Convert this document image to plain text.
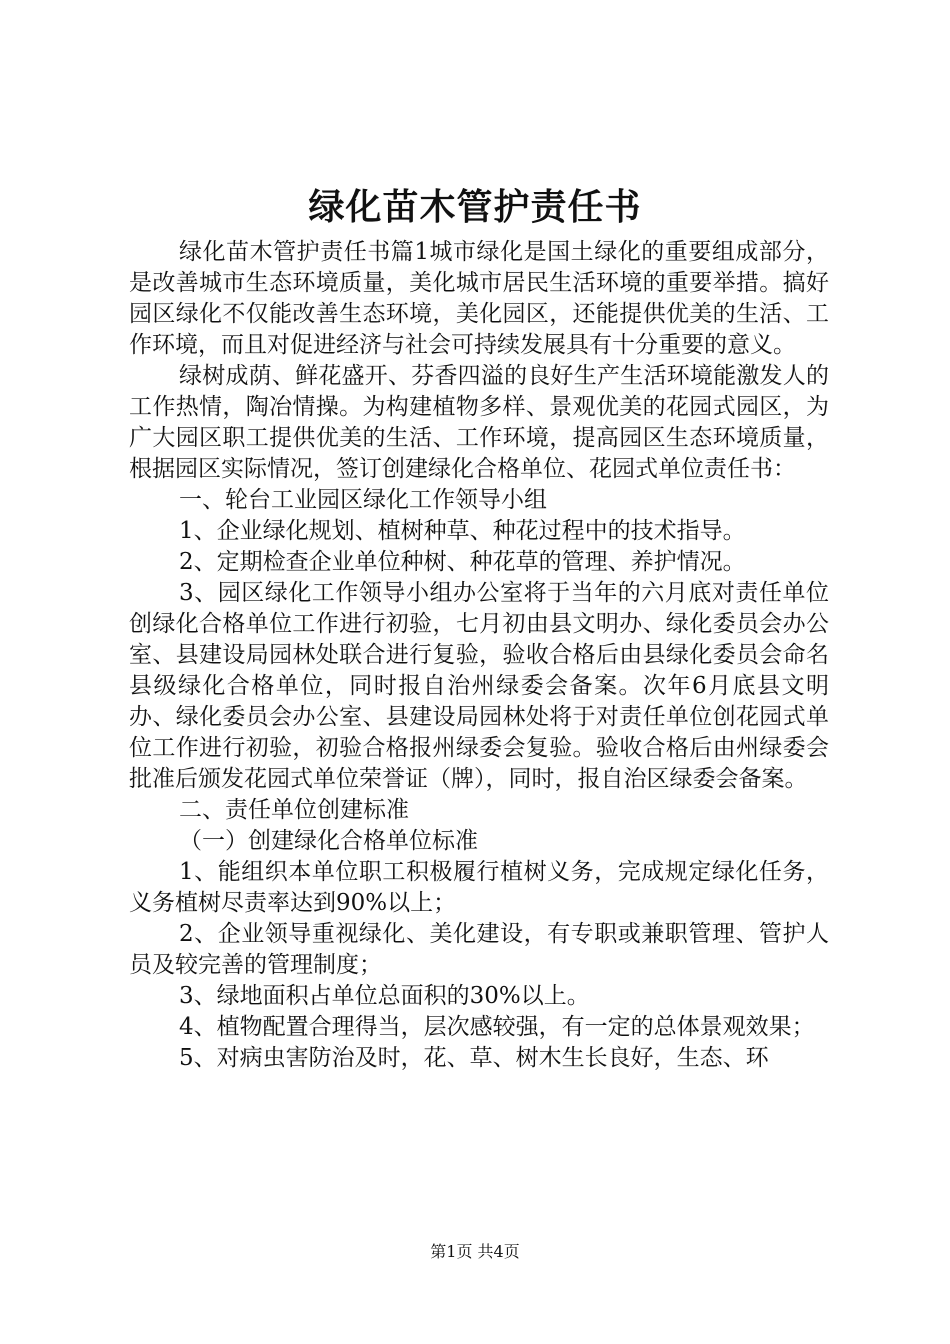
绿化苗木管护责任书

绿化苗木管护责任书篇1城市绿化是国土绿化的重要组成部分，是改善城市生态环境质量，美化城市居民生活环境的重要举措。搞好园区绿化不仅能改善生态环境，美化园区，还能提供优美的生活、工作环境，而且对促进经济与社会可持续发展具有十分重要的意义。

绿树成荫、鲜花盛开、芬香四溢的良好生产生活环境能激发人的工作热情，陶冶情操。为构建植物多样、景观优美的花园式园区，为广大园区职工提供优美的生活、工作环境，提高园区生态环境质量，根据园区实际情况，签订创建绿化合格单位、花园式单位责任书：

一、轮台工业园区绿化工作领导小组

1、企业绿化规划、植树种草、种花过程中的技术指导。

2、定期检查企业单位种树、种花草的管理、养护情况。

3、园区绿化工作领导小组办公室将于当年的六月底对责任单位创绿化合格单位工作进行初验，七月初由县文明办、绿化委员会办公室、县建设局园林处联合进行复验，验收合格后由县绿化委员会命名县级绿化合格单位，同时报自治州绿委会备案。次年6月底县文明办、绿化委员会办公室、县建设局园林处将于对责任单位创花园式单位工作进行初验，初验合格报州绿委会复验。验收合格后由州绿委会批准后颁发花园式单位荣誉证（牌），同时，报自治区绿委会备案。

二、责任单位创建标准

（一）创建绿化合格单位标准

1、能组织本单位职工积极履行植树义务，完成规定绿化任务，义务植树尽责率达到90%以上；

2、企业领导重视绿化、美化建设，有专职或兼职管理、管护人员及较完善的管理制度；

3、绿地面积占单位总面积的30%以上。

4、植物配置合理得当，层次感较强，有一定的总体景观效果；

5、对病虫害防治及时，花、草、树木生长良好，生态、环

第1页 共4页
